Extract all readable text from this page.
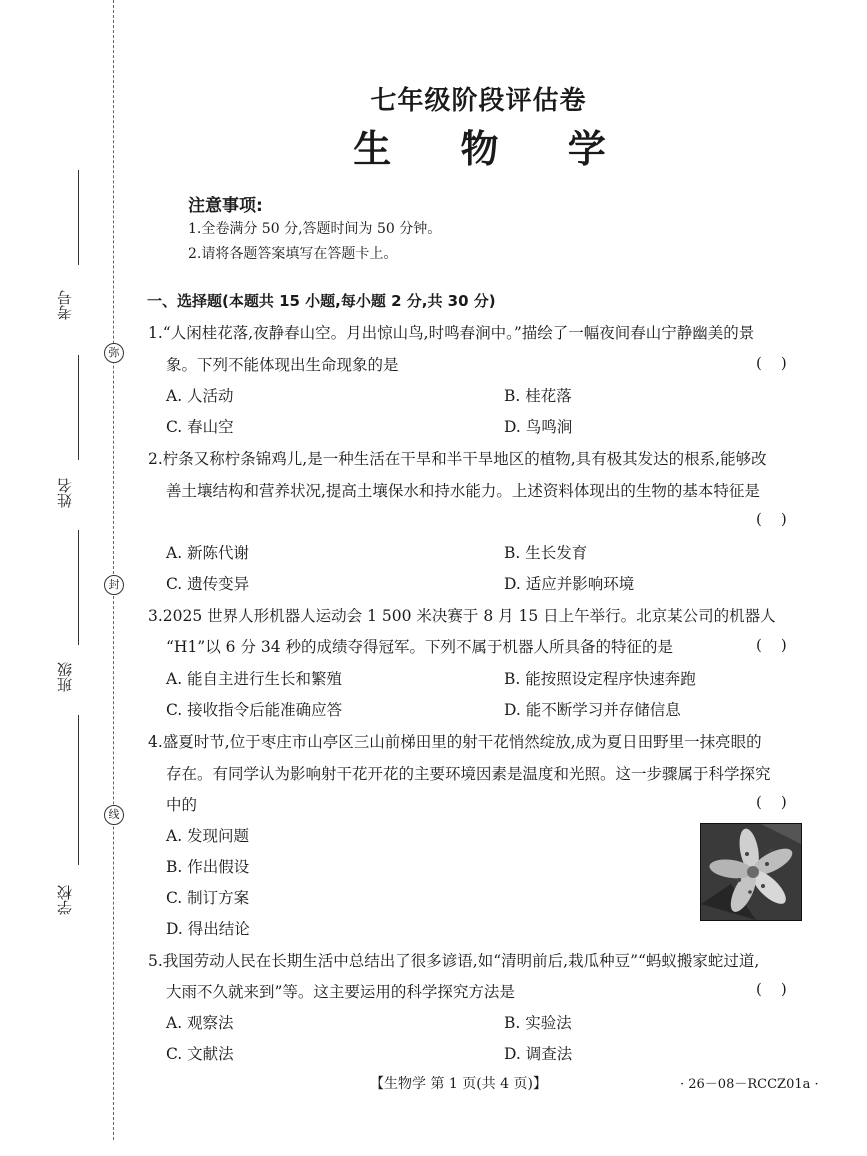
考号
姓名
班级
学校
弥
封
线
七年级阶段评估卷
生 物 学
注意事项:
1.全卷满分 50 分,答题时间为 50 分钟。
2.请将各题答案填写在答题卡上。
一、选择题(本题共 15 小题,每小题 2 分,共 30 分)
1.“人闲桂花落,夜静春山空。月出惊山鸟,时鸣春涧中。”描绘了一幅夜间春山宁静幽美的景
象。下列不能体现出生命现象的是	(    )
A. 人活动	B. 桂花落
C. 春山空	D. 鸟鸣涧
2.柠条又称柠条锦鸡儿,是一种生活在干旱和半干旱地区的植物,具有极其发达的根系,能够改
善土壤结构和营养状况,提高土壤保水和持水能力。上述资料体现出的生物的基本特征是
(    )
A. 新陈代谢	B. 生长发育
C. 遗传变异	D. 适应并影响环境
3.2025 世界人形机器人运动会 1 500 米决赛于 8 月 15 日上午举行。北京某公司的机器人
“H1”以 6 分 34 秒的成绩夺得冠军。下列不属于机器人所具备的特征的是	(    )
A. 能自主进行生长和繁殖	B. 能按照设定程序快速奔跑
C. 接收指令后能准确应答	D. 能不断学习并存储信息
4.盛夏时节,位于枣庄市山亭区三山前梯田里的射干花悄然绽放,成为夏日田野里一抹亮眼的
存在。有同学认为影响射干花开花的主要环境因素是温度和光照。这一步骤属于科学探究
中的	(    )
A. 发现问题
B. 作出假设
C. 制订方案
D. 得出结论
5.我国劳动人民在长期生活中总结出了很多谚语,如“清明前后,栽瓜种豆”“蚂蚁搬家蛇过道,
大雨不久就来到”等。这主要运用的科学探究方法是	(    )
A. 观察法	B. 实验法
C. 文献法	D. 调查法
【生物学 第 1 页(共 4 页)】	· 26－08－RCCZ01a ·
